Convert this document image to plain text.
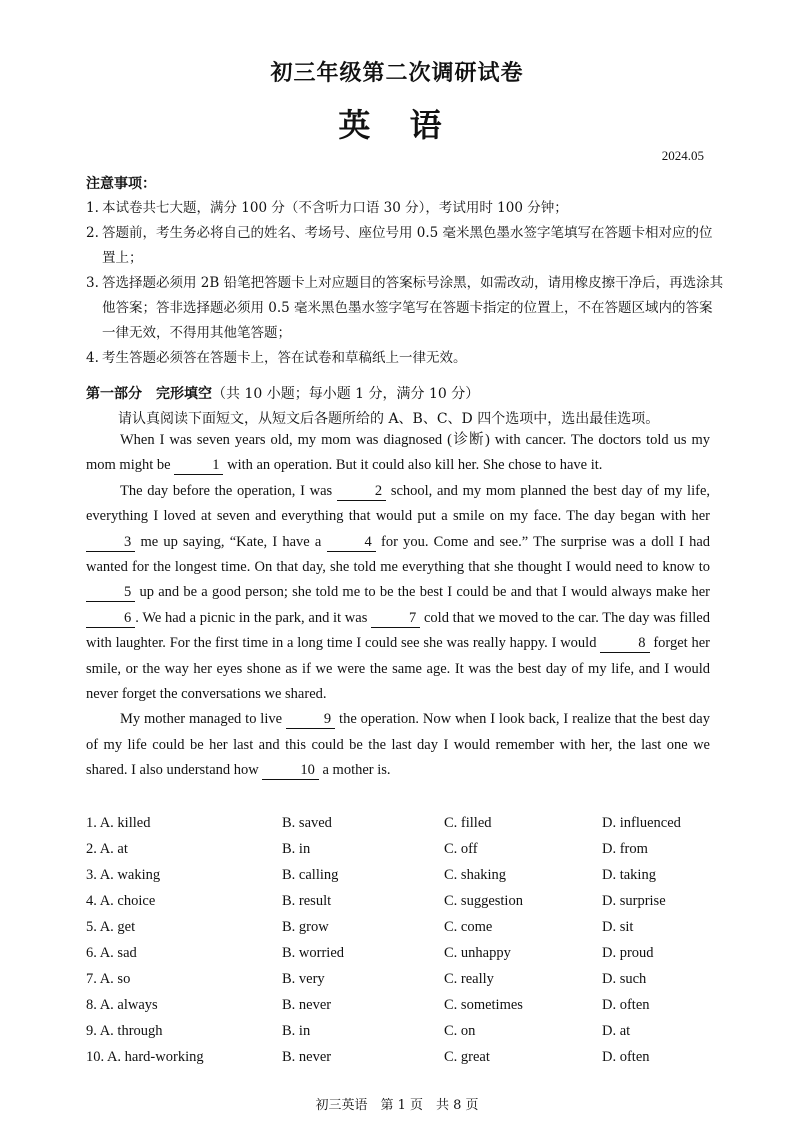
初三年级第二次调研试卷
英 语
2024.05
注意事项：
1. 本试卷共七大题，满分 100 分（不含听力口语 30 分），考试用时 100 分钟；
2. 答题前，考生务必将自己的姓名、考场号、座位号用 0.5 毫米黑色墨水签字笔填写在答题卡相对应的位置上；
3. 答选择题必须用 2B 铅笔把答题卡上对应题目的答案标号涂黑，如需改动，请用橡皮擦干净后，再选涂其他答案；答非选择题必须用 0.5 毫米黑色墨水签字笔写在答题卡指定的位置上，不在答题区域内的答案一律无效，不得用其他笔答题；
4. 考生答题必须答在答题卡上，答在试卷和草稿纸上一律无效。
第一部分　完形填空（共 10 小题；每小题 1 分，满分 10 分）
请认真阅读下面短文，从短文后各题所给的 A、B、C、D 四个选项中，选出最佳选项。

When I was seven years old, my mom was diagnosed (诊断) with cancer. The doctors told us my mom might be	1 with an operation. But it could also kill her. She chose to have it.

The day before the operation, I was	2 school, and my mom planned the best day of my life, everything I loved at seven and everything that would put a smile on my face. The day began with her 3 me up saying, “Kate, I have a	4 for you. Come and see.” The surprise was a doll I had wanted for the longest time. On that day, she told me everything that she thought I would need to know to 5 up and be a good person; she told me to be the best I could be and that I would always make her 6 . We had a picnic in the park, and it was	7 cold that we moved to the car. The day was filled with laughter. For the first time in a long time I could see she was really happy. I would	8 forget her smile, or the way her eyes shone as if we were the same age. It was the best day of my life, and I would never forget the conversations we shared.

My mother managed to live	9 the operation. Now when I look back, I realize that the best day of my life could be her last and this could be the last day I would remember with her, the last one we shared. I also understand how	10 a mother is.

1. A. killed	B. saved	C. filled	D. influenced
2. A. at	B. in	C. off	D. from
3. A. waking	B. calling	C. shaking	D. taking
4. A. choice	B. result	C. suggestion	D. surprise
5. A. get	B. grow	C. come	D. sit
6. A. sad	B. worried	C. unhappy	D. proud
7. A. so	B. very	C. really	D. such
8. A. always	B. never	C. sometimes	D. often
9. A. through	B. in	C. on	D. at
10. A. hard-working	B. never	C. great	D. often
初三英语　第 1 页　共 8 页
